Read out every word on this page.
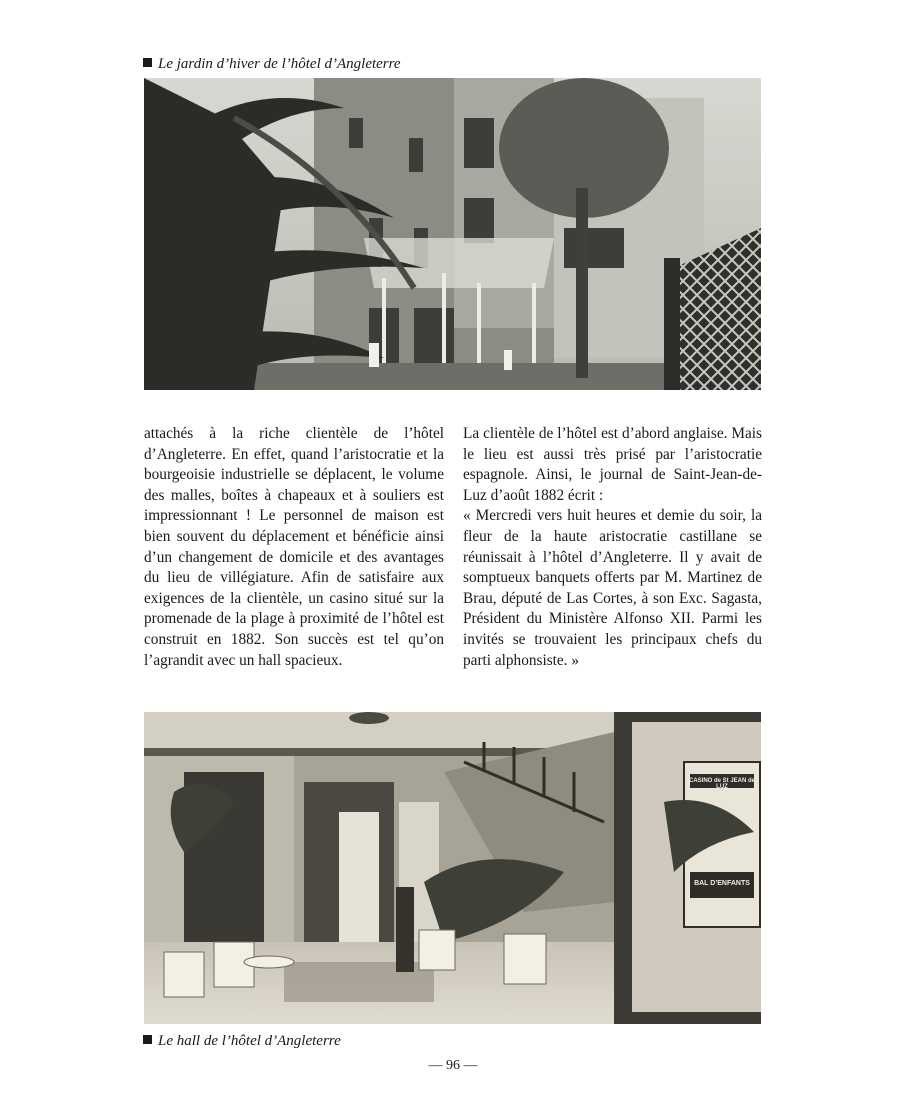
Le jardin d’hiver de l’hôtel d’Angleterre

attachés à la riche clientèle de l’hôtel d’Angleterre. En effet, quand l’aristocratie et la bourgeoisie industrielle se déplacent, le volume des malles, boîtes à chapeaux et à souliers est impressionnant ! Le personnel de maison est bien souvent du déplacement et bénéficie ainsi d’un changement de domicile et des avantages du lieu de villégiature. Afin de satisfaire aux exigences de la clientèle, un casino situé sur la promenade de la plage à proximité de l’hôtel est construit en 1882. Son succès est tel qu’on l’agrandit avec un hall spacieux.

La clientèle de l’hôtel est d’abord anglaise. Mais le lieu est aussi très prisé par l’aristocratie espagnole. Ainsi, le journal de Saint-Jean-de-Luz d’août 1882 écrit :

« Mercredi vers huit heures et demie du soir, la fleur de la haute aristocratie castillane se réunissait à l’hôtel d’Angleterre. Il y avait de somptueux banquets offerts par M. Martinez de Brau, député de Las Cortes, à son Exc. Sagasta, Président du Ministère Alfonso XII. Parmi les invités se trouvaient les principaux chefs du parti alphonsiste. »

CASINO de St JEAN de LUZ
BAL D’ENFANTS
Le hall de l’hôtel d’Angleterre
— 96 —
